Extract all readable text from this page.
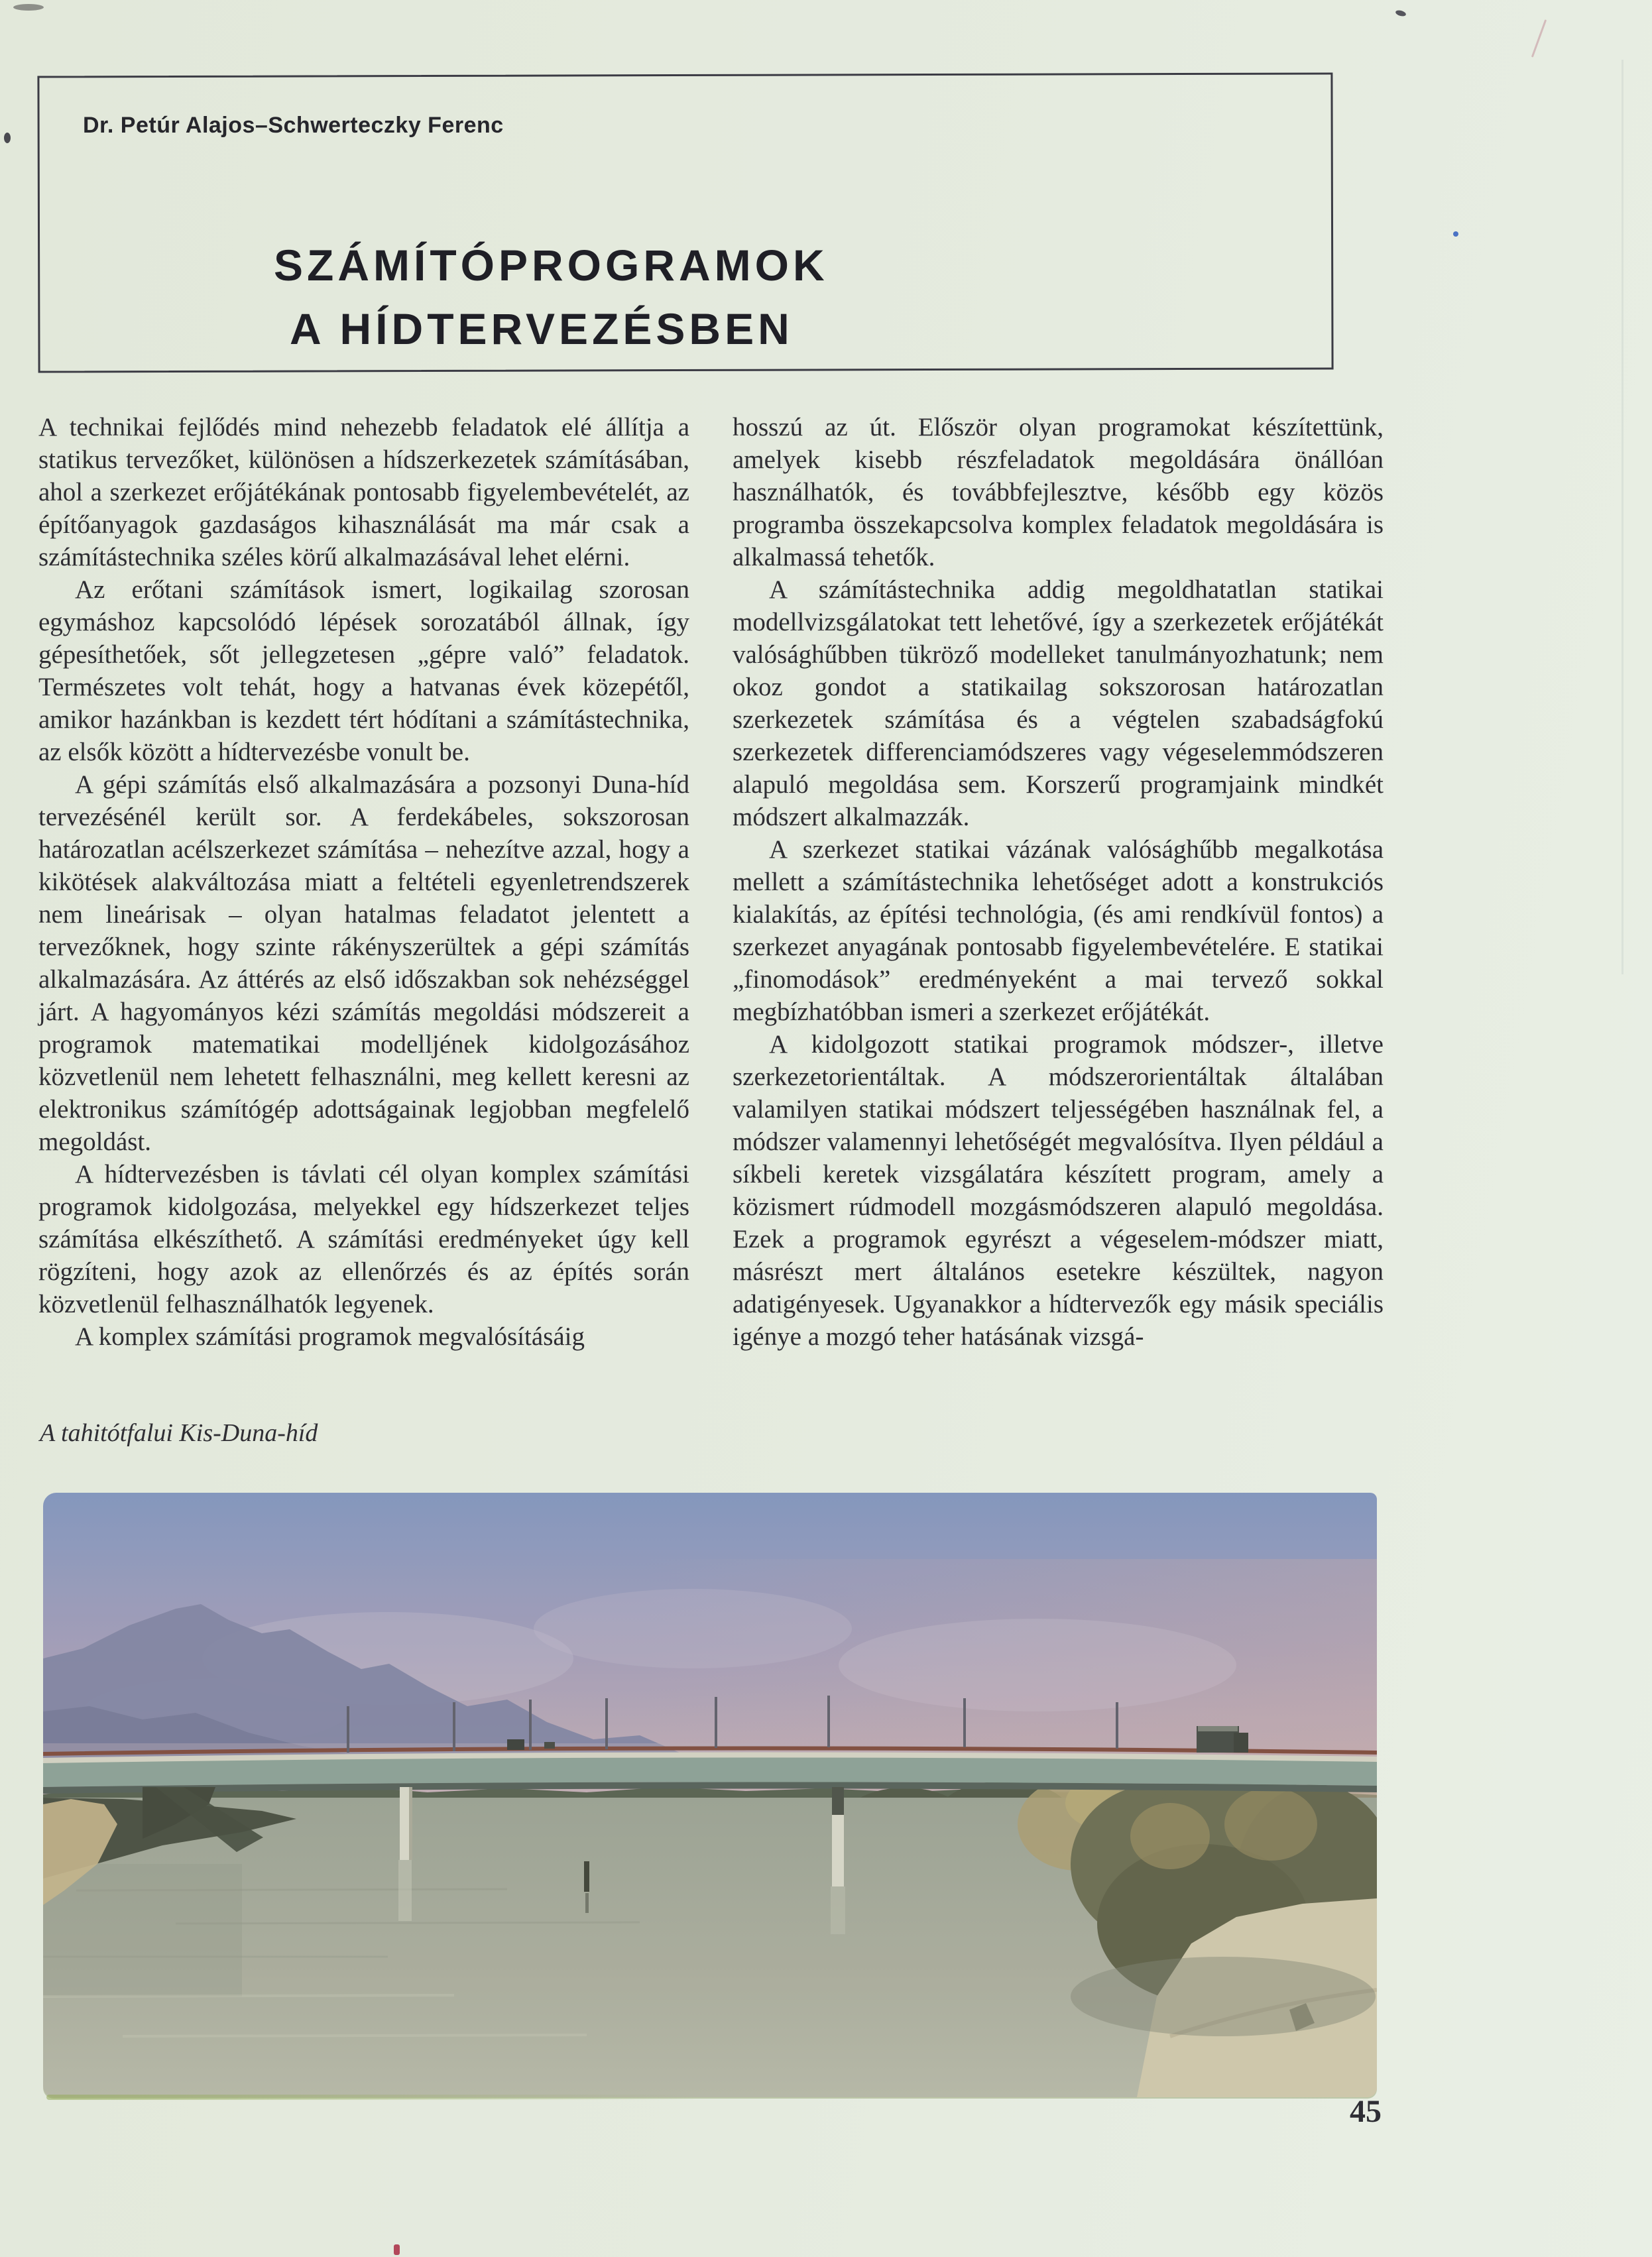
Dr. Petúr Alajos–Schwerteczky Ferenc
SZÁMÍTÓPROGRAMOK
A HÍDTERVEZÉSBEN

A technikai fejlődés mind nehezebb feladatok elé állítja a statikus tervezőket, különösen a hídszerkezetek számításában, ahol a szerkezet erőjátékának pontosabb figyelembevételét, az építőanyagok gazdaságos kihasználását ma már csak a számítástechnika széles körű alkalmazásával lehet elérni.

Az erőtani számítások ismert, logikailag szorosan egymáshoz kapcsolódó lépések sorozatából állnak, így gépesíthetőek, sőt jellegzetesen „gépre való” feladatok. Természetes volt tehát, hogy a hatvanas évek közepétől, amikor hazánkban is kezdett tért hódítani a számítástechnika, az elsők között a hídtervezésbe vonult be.

A gépi számítás első alkalmazására a pozsonyi Duna-híd tervezésénél került sor. A ferdekábeles, sokszorosan határozatlan acélszerkezet számítása – nehezítve azzal, hogy a kikötések alakváltozása miatt a feltételi egyenletrendszerek nem lineárisak – olyan hatalmas feladatot jelentett a tervezőknek, hogy szinte rákényszerültek a gépi számítás alkalmazására. Az áttérés az első időszakban sok nehézséggel járt. A hagyományos kézi számítás megoldási módszereit a programok matematikai modelljének kidolgozásához közvetlenül nem lehetett felhasználni, meg kellett keresni az elektronikus számítógép adottságainak legjobban megfelelő megoldást.

A hídtervezésben is távlati cél olyan komplex számítási programok kidolgozása, melyekkel egy hídszerkezet teljes számítása elkészíthető. A számítási eredményeket úgy kell rögzíteni, hogy azok az ellenőrzés és az építés során közvetlenül felhasználhatók legyenek.

A komplex számítási programok megvalósításáig

hosszú az út. Először olyan programokat készítettünk, amelyek kisebb részfeladatok megoldására önállóan használhatók, és továbbfejlesztve, később egy közös programba összekapcsolva komplex feladatok megoldására is alkalmassá tehetők.

A számítástechnika addig megoldhatatlan statikai modellvizsgálatokat tett lehetővé, így a szerkezetek erőjátékát valósághűbben tükröző modelleket tanulmányozhatunk; nem okoz gondot a statikailag sokszorosan határozatlan szerkezetek számítása és a végtelen szabadságfokú szerkezetek differenciamódszeres vagy végeselemmódszeren alapuló megoldása sem. Korszerű programjaink mindkét módszert alkalmazzák.

A szerkezet statikai vázának valósághűbb megalkotása mellett a számítástechnika lehetőséget adott a konstrukciós kialakítás, az építési technológia, (és ami rendkívül fontos) a szerkezet anyagának pontosabb figyelembevételére. E statikai „finomodások” eredményeként a mai tervező sokkal megbízhatóbban ismeri a szerkezet erőjátékát.

A kidolgozott statikai programok módszer-, illetve szerkezetorientáltak. A módszerorientáltak általában valamilyen statikai módszert teljességében használnak fel, a módszer valamennyi lehetőségét megvalósítva. Ilyen például a síkbeli keretek vizsgálatára készített program, amely a közismert rúdmodell mozgásmódszeren alapuló megoldása. Ezek a programok egyrészt a végeselem-módszer miatt, másrészt mert általános esetekre készültek, nagyon adatigényesek. Ugyanakkor a hídtervezők egy másik speciális igénye a mozgó teher hatásának vizsgá-

A tahitótfalui Kis-Duna-híd
45
